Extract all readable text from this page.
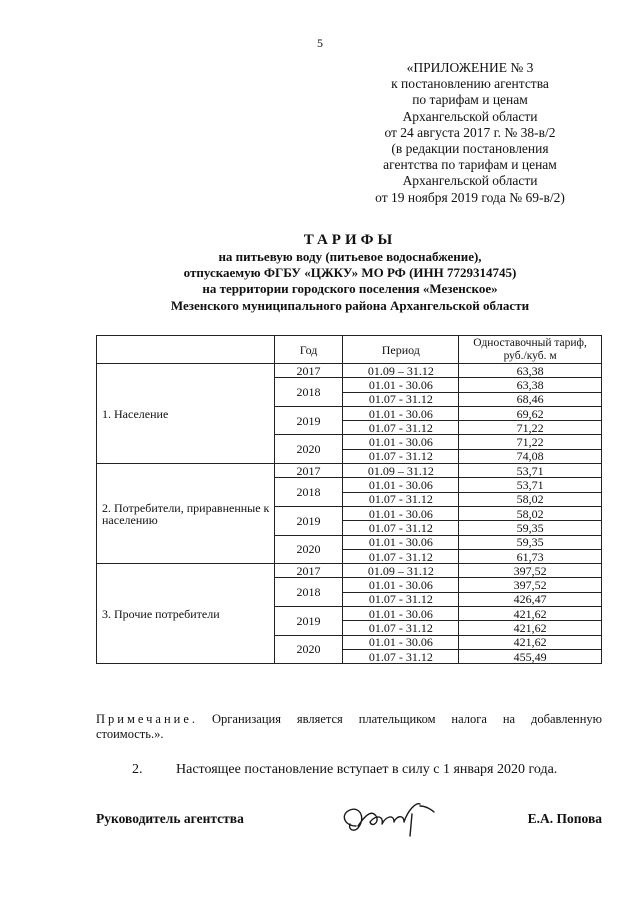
5
«ПРИЛОЖЕНИЕ № 3
к постановлению агентства
по тарифам и ценам
Архангельской области
от 24 августа 2017 г. № 38-в/2
(в редакции постановления
агентства по тарифам и ценам
Архангельской области
от 19 ноября 2019 года № 69-в/2)
ТАРИФЫ
на питьевую воду (питьевое водоснабжение),
отпускаемую ФГБУ «ЦЖКУ» МО РФ (ИНН 7729314745)
на территории городского поселения «Мезенское»
Мезенского муниципального района Архангельской области
	Год	Период	Одноставочный тариф, руб./куб. м
1. Население	2017	01.09 – 31.12	63,38
	2018	01.01 - 30.06	63,38
		01.07 - 31.12	68,46
	2019	01.01 - 30.06	69,62
		01.07 - 31.12	71,22
	2020	01.01 - 30.06	71,22
		01.07 - 31.12	74,08
2. Потребители, приравненные к населению	2017	01.09 – 31.12	53,71
	2018	01.01 - 30.06	53,71
		01.07 - 31.12	58,02
	2019	01.01 - 30.06	58,02
		01.07 - 31.12	59,35
	2020	01.01 - 30.06	59,35
		01.07 - 31.12	61,73
3. Прочие потребители	2017	01.09 – 31.12	397,52
	2018	01.01 - 30.06	397,52
		01.07 - 31.12	426,47
	2019	01.01 - 30.06	421,62
		01.07 - 31.12	421,62
	2020	01.01 - 30.06	421,62
		01.07 - 31.12	455,49
Примечание. Организация является плательщиком налога на добавленную
стоимость.».
2. Настоящее постановление вступает в силу с 1 января 2020 года.
Руководитель агентства	Е.А. Попова
